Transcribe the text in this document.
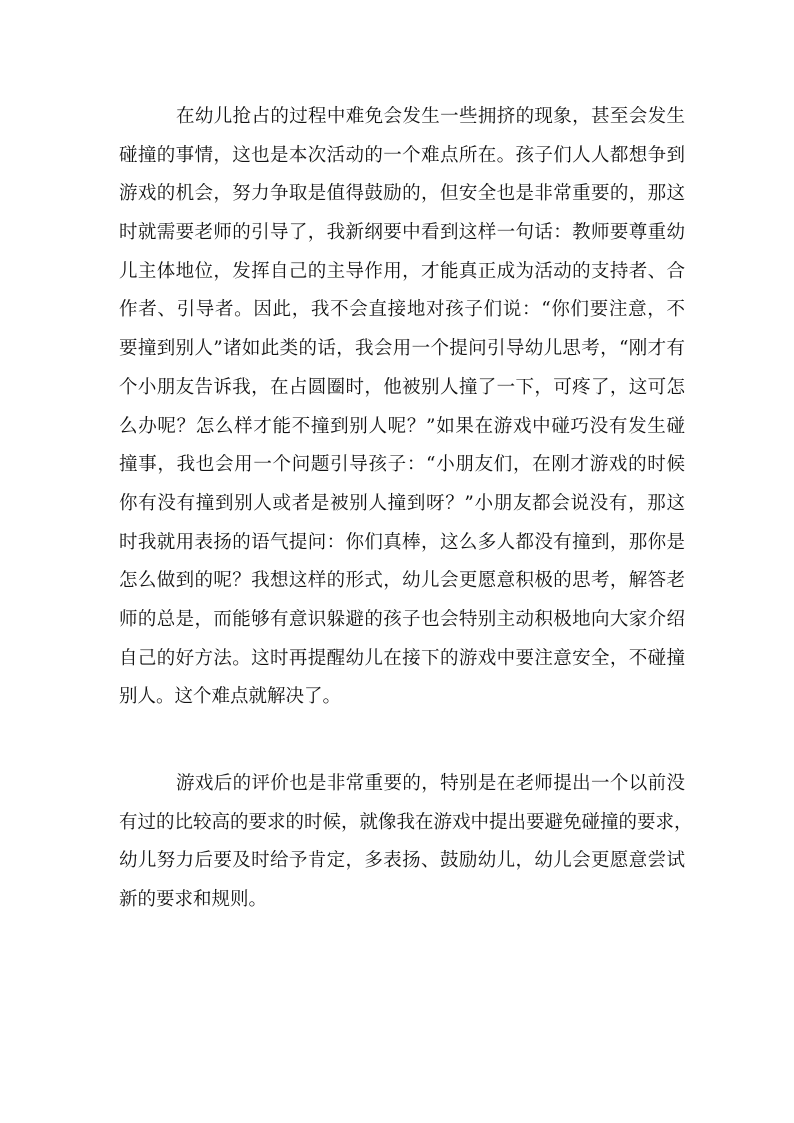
在幼儿抢占的过程中难免会发生一些拥挤的现象，甚至会发生
碰撞的事情，这也是本次活动的一个难点所在。孩子们人人都想争到
游戏的机会，努力争取是值得鼓励的，但安全也是非常重要的，那这
时就需要老师的引导了，我新纲要中看到这样一句话：教师要尊重幼
儿主体地位，发挥自己的主导作用，才能真正成为活动的支持者、合
作者、引导者。因此，我不会直接地对孩子们说：“你们要注意，不
要撞到别人”诸如此类的话，我会用一个提问引导幼儿思考，“刚才有
个小朋友告诉我，在占圆圈时，他被别人撞了一下，可疼了，这可怎
么办呢？怎么样才能不撞到别人呢？”如果在游戏中碰巧没有发生碰
撞事，我也会用一个问题引导孩子：“小朋友们，在刚才游戏的时候
你有没有撞到别人或者是被别人撞到呀？”小朋友都会说没有，那这
时我就用表扬的语气提问：你们真棒，这么多人都没有撞到，那你是
怎么做到的呢？我想这样的形式，幼儿会更愿意积极的思考，解答老
师的总是，而能够有意识躲避的孩子也会特别主动积极地向大家介绍
自己的好方法。这时再提醒幼儿在接下的游戏中要注意安全，不碰撞
别人。这个难点就解决了。
游戏后的评价也是非常重要的，特别是在老师提出一个以前没
有过的比较高的要求的时候，就像我在游戏中提出要避免碰撞的要求，
幼儿努力后要及时给予肯定，多表扬、鼓励幼儿，幼儿会更愿意尝试
新的要求和规则。
